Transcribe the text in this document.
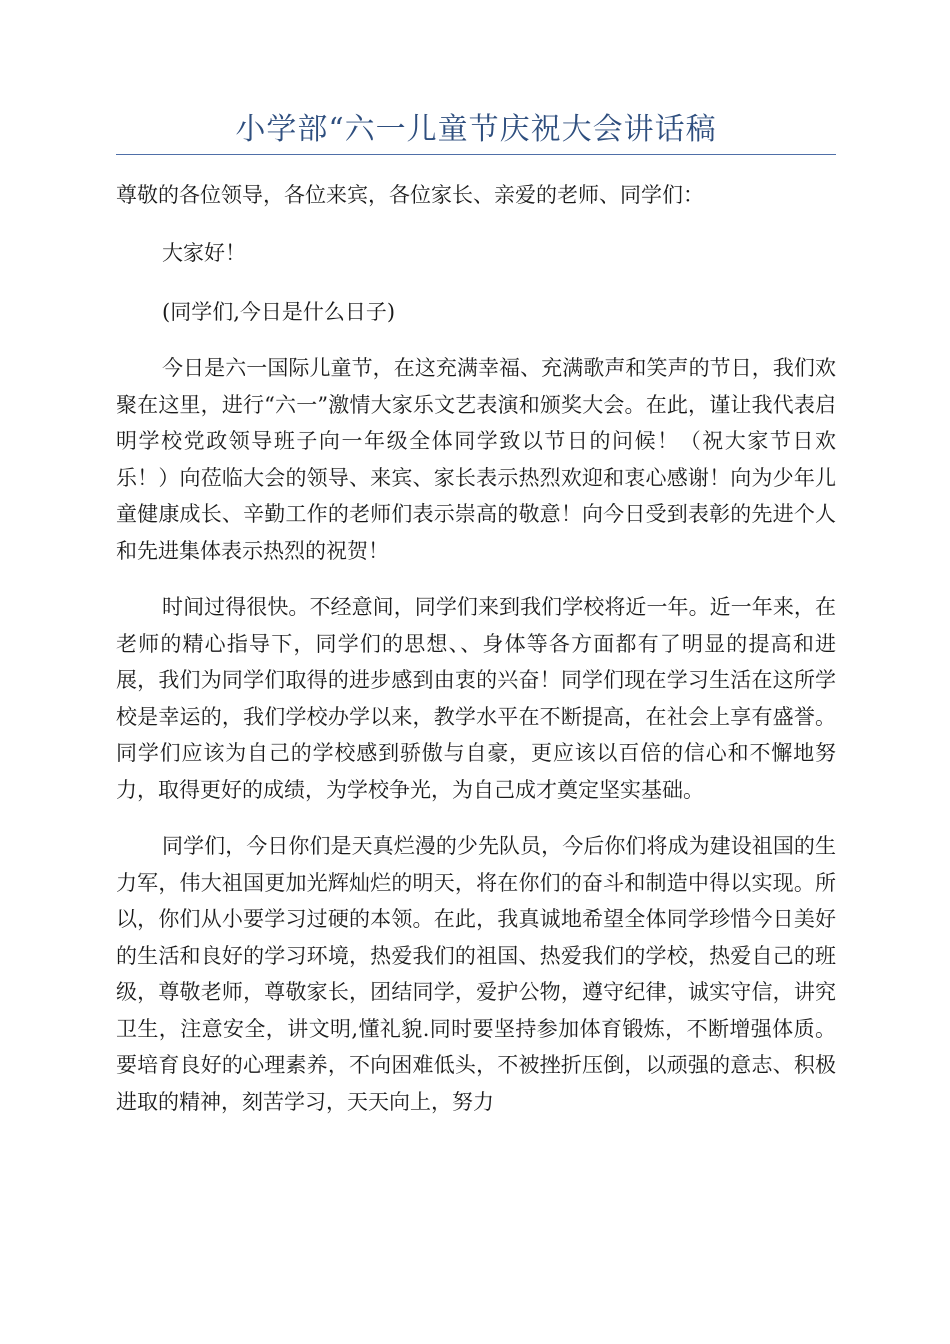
小学部“六一儿童节庆祝大会讲话稿

尊敬的各位领导，各位来宾，各位家长、亲爱的老师、同学们：

大家好！

(同学们,今日是什么日子)

今日是六一国际儿童节，在这充满幸福、充满歌声和笑声的节日，我们欢聚在这里，进行“六一”激情大家乐文艺表演和颁奖大会。在此，谨让我代表启明学校党政领导班子向一年级全体同学致以节日的问候！（祝大家节日欢乐！）向莅临大会的领导、来宾、家长表示热烈欢迎和衷心感谢！向为少年儿童健康成长、辛勤工作的老师们表示崇高的敬意！向今日受到表彰的先进个人和先进集体表示热烈的祝贺！

时间过得很快。不经意间，同学们来到我们学校将近一年。近一年来，在老师的精心指导下，同学们的思想、、身体等各方面都有了明显的提高和进展，我们为同学们取得的进步感到由衷的兴奋！同学们现在学习生活在这所学校是幸运的，我们学校办学以来，教学水平在不断提高，在社会上享有盛誉。同学们应该为自己的学校感到骄傲与自豪，更应该以百倍的信心和不懈地努力，取得更好的成绩，为学校争光，为自己成才奠定坚实基础。

同学们，今日你们是天真烂漫的少先队员，今后你们将成为建设祖国的生力军，伟大祖国更加光辉灿烂的明天，将在你们的奋斗和制造中得以实现。所以，你们从小要学习过硬的本领。在此，我真诚地希望全体同学珍惜今日美好的生活和良好的学习环境，热爱我们的祖国、热爱我们的学校，热爱自己的班级，尊敬老师，尊敬家长，团结同学，爱护公物，遵守纪律，诚实守信，讲究卫生，注意安全，讲文明,懂礼貌.同时要坚持参加体育锻炼，不断增强体质。要培育良好的心理素养，不向困难低头，不被挫折压倒，以顽强的意志、积极进取的精神，刻苦学习，天天向上，努力
